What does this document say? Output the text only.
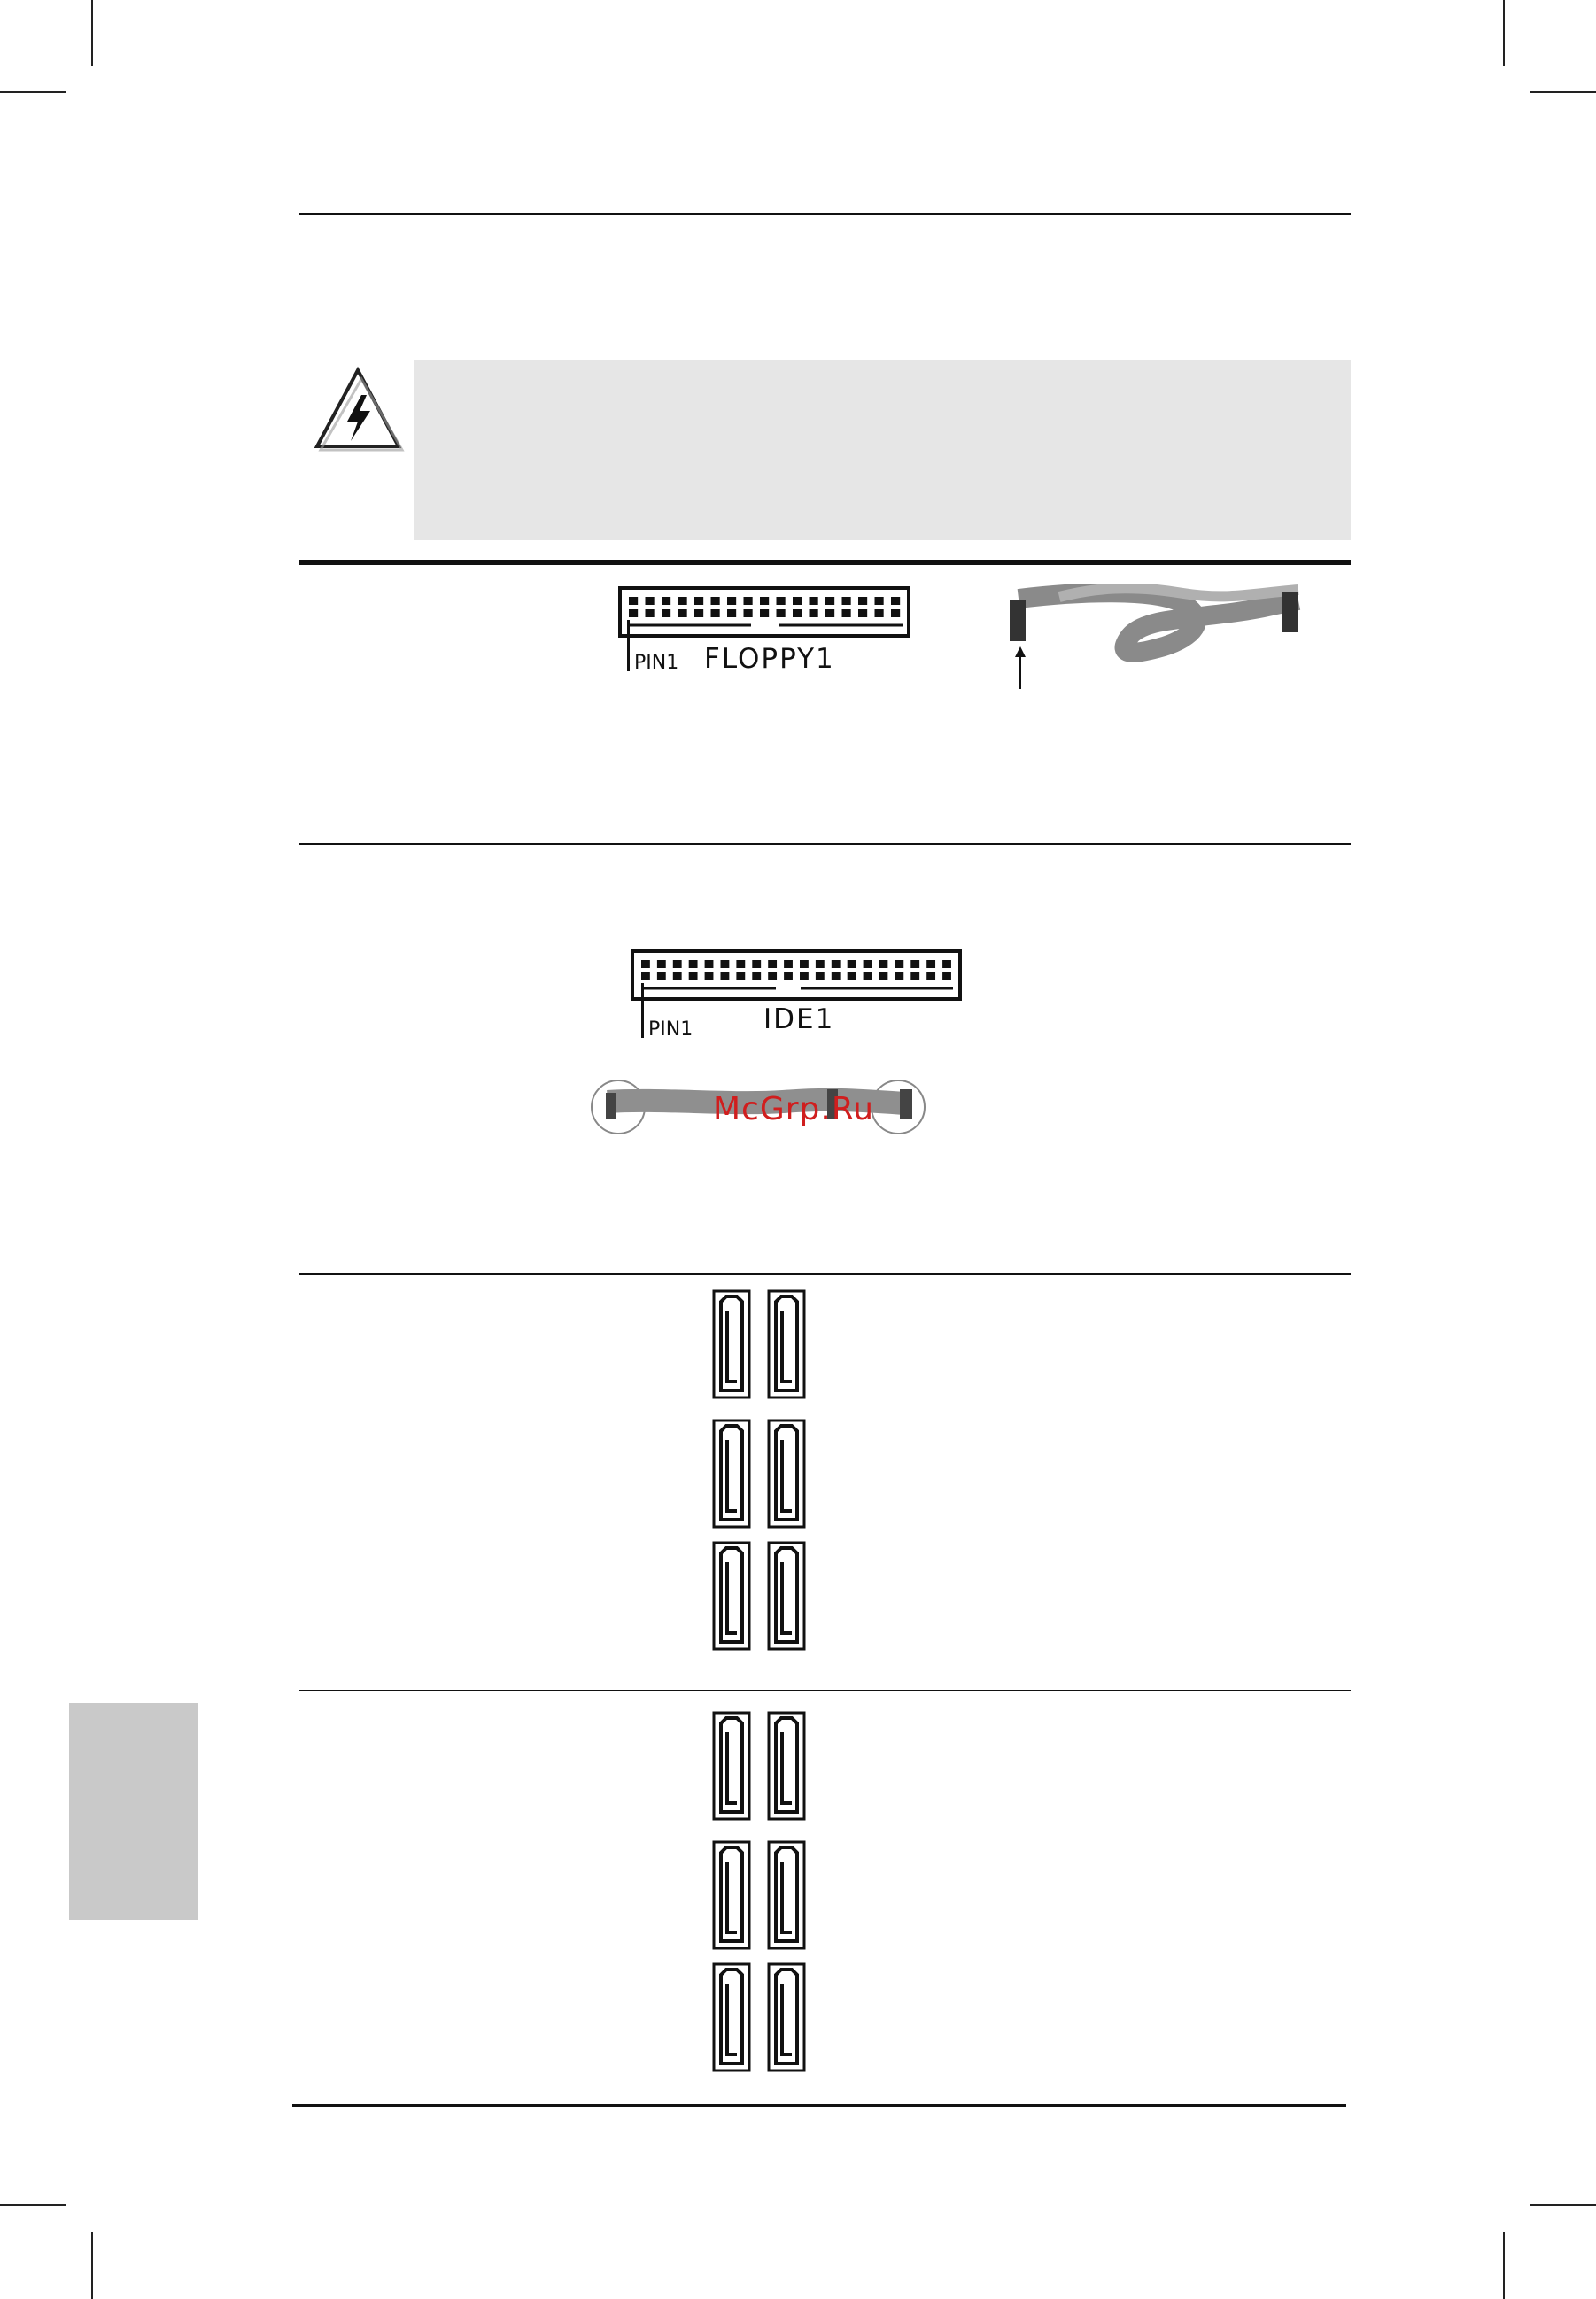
PIN1 FLOPPY1
PIN1	IDE1
McGrp.Ru
